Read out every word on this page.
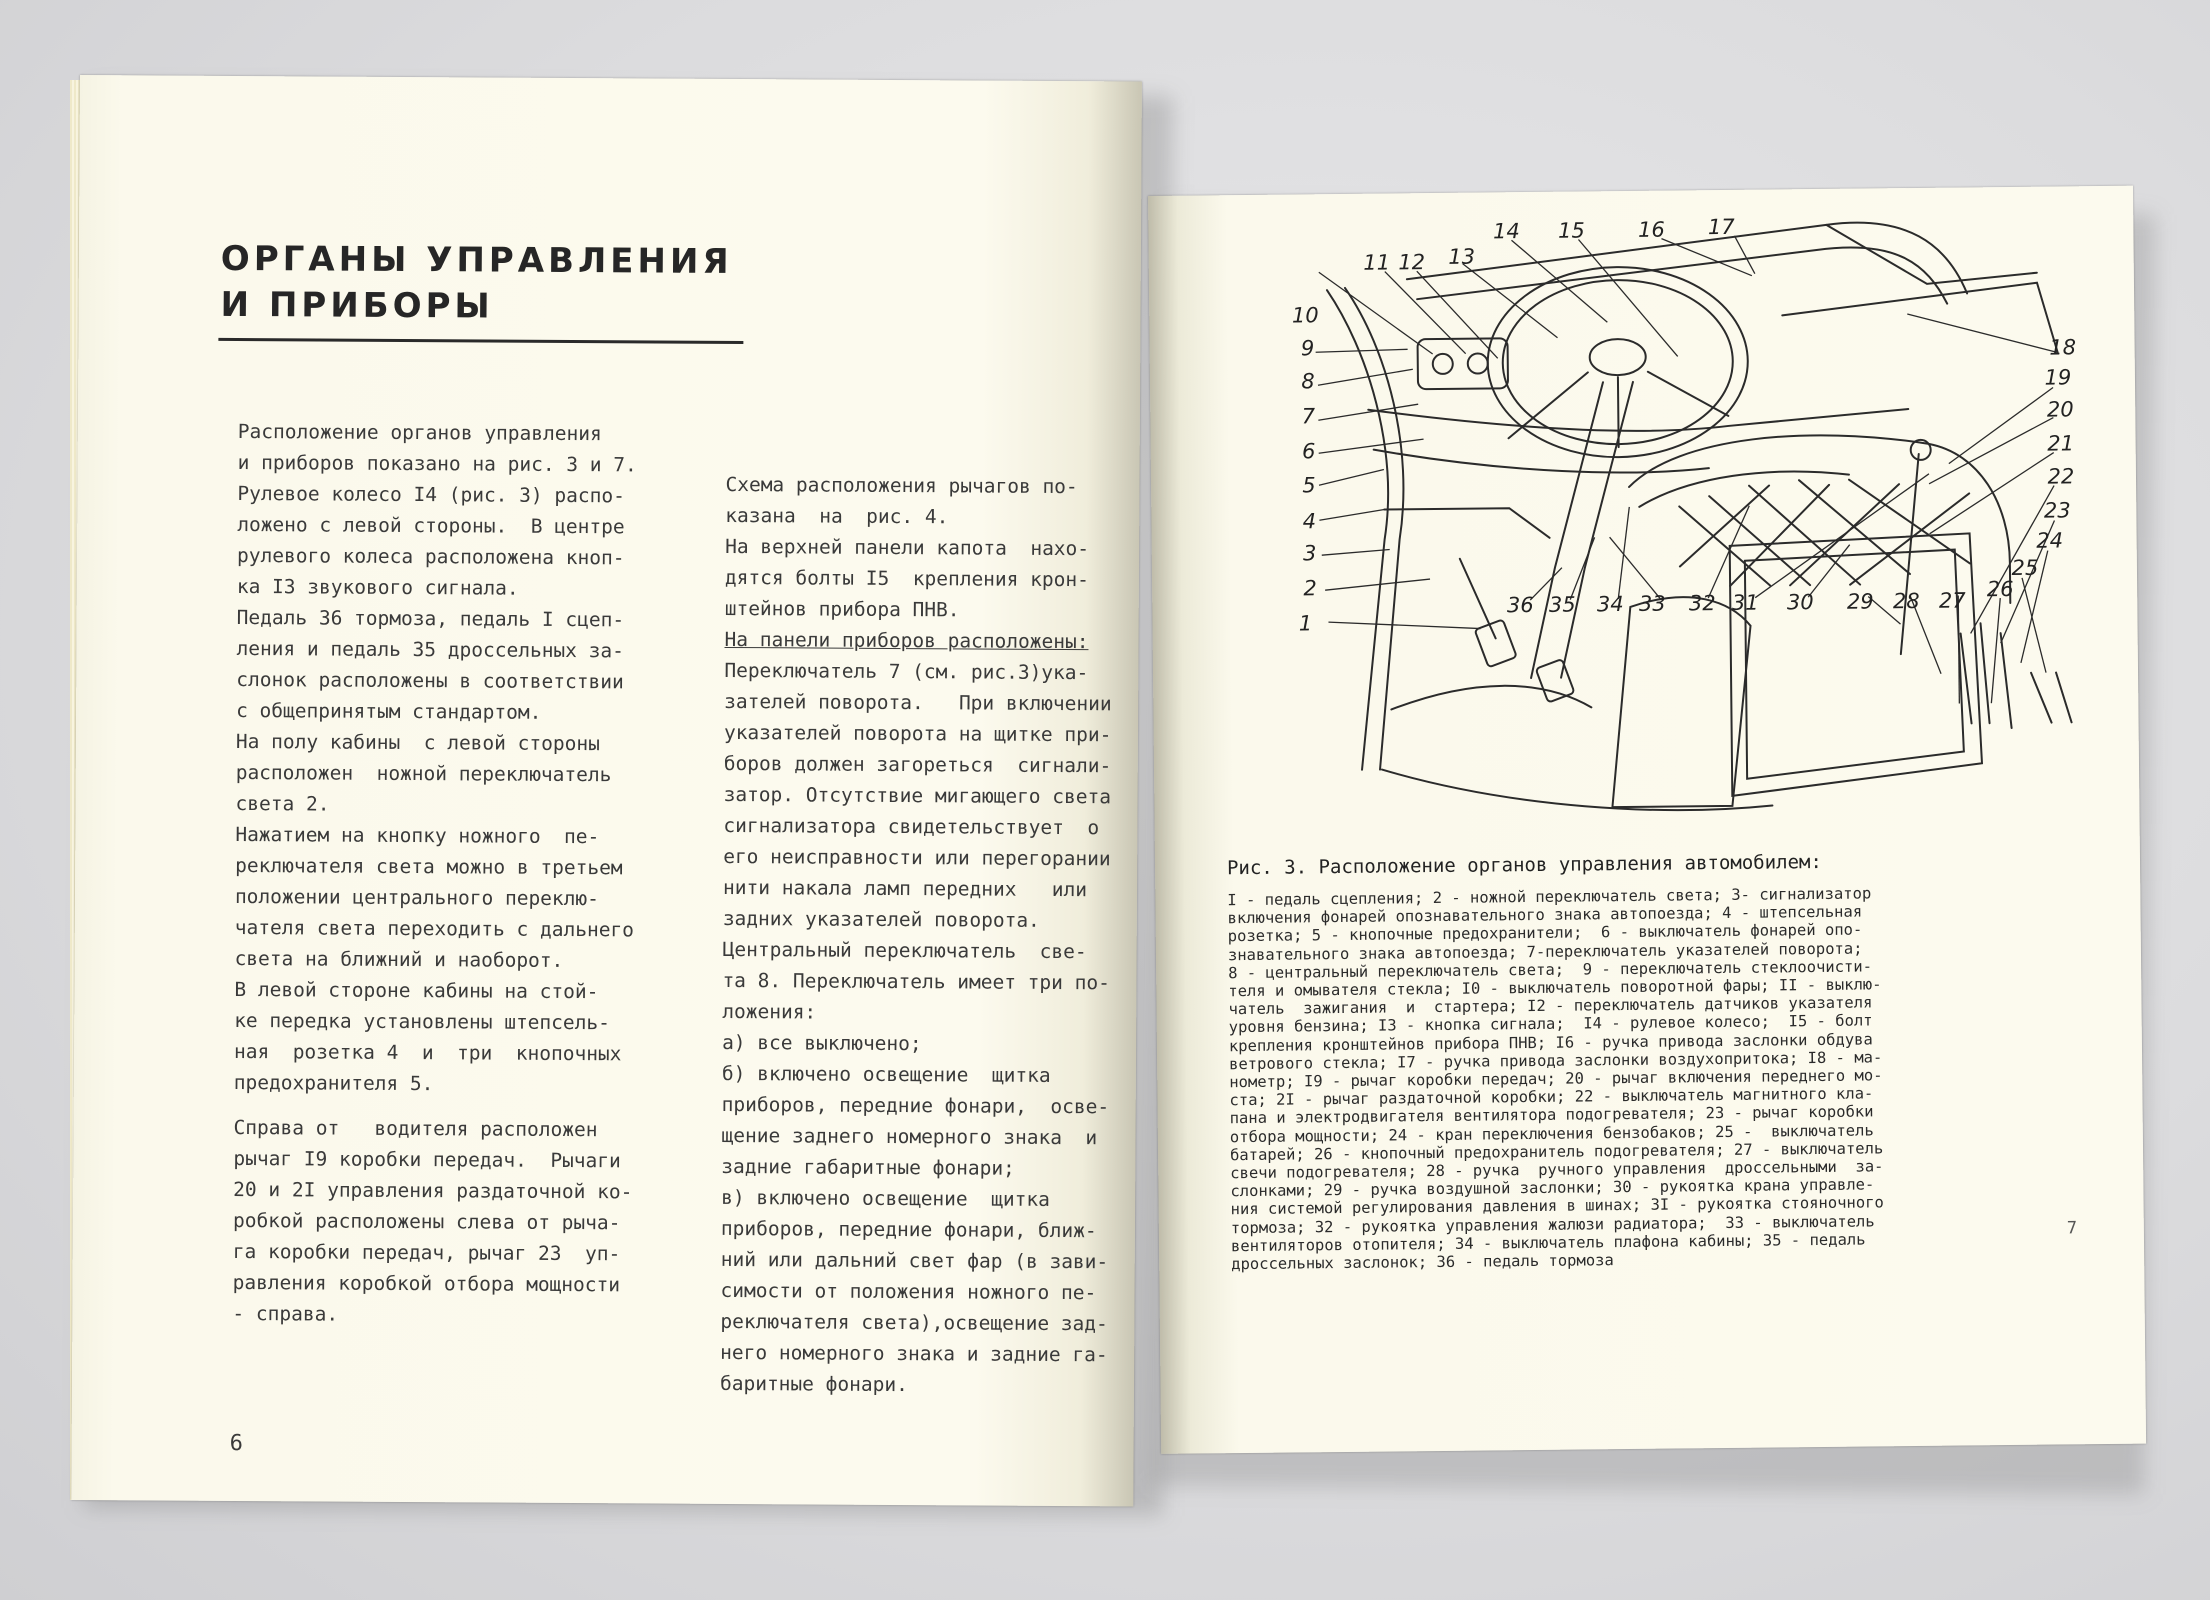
ОРГАНЫ УПРАВЛЕНИЯ
И ПРИБОРЫ
Расположение органов управления
и приборов показано на рис. 3 и 7.
Рулевое колесо I4 (рис. 3) распо-
ложено с левой стороны.  В центре
рулевого колеса расположена кноп-
ка I3 звукового сигнала.
Педаль 36 тормоза, педаль I сцеп-
ления и педаль 35 дроссельных за-
слонок расположены в соответствии
с общепринятым стандартом.
На полу кабины  с левой стороны
расположен  ножной переключатель
света 2.
Нажатием на кнопку ножного  пе-
реключателя света можно в третьем
положении центрального переклю-
чателя света переходить с дальнего
света на ближний и наоборот.
В левой стороне кабины на стой-
ке передка установлены штепсель-
ная  розетка 4  и  три  кнопочных
предохранителя 5.
Справа от   водителя расположен
рычаг I9 коробки передач.  Рычаги
20 и 2I управления раздаточной ко-
робкой расположены слева от рыча-
га коробки передач, рычаг 23  уп-
равления коробкой отбора мощности
- справа.
Схема расположения рычагов по-
казана  на  рис. 4.
На верхней панели капота  нахо-
дятся болты I5  крепления крон-
штейнов прибора ПНВ.
На панели приборов расположены:
Переключатель 7 (см. рис.3)ука-
зателей поворота.   При включении
указателей поворота на щитке при-
боров должен загореться  сигнали-
затор. Отсутствие мигающего света
сигнализатора свидетельствует  о
его неисправности или перегорании
нити накала ламп передних   или
задних указателей поворота.
Центральный переключатель  све-
та 8. Переключатель имеет три по-
ложения:
а) все выключено;
б) включено освещение  щитка
приборов, передние фонари,  осве-
щение заднего номерного знака  и
задние габаритные фонари;
в) включено освещение  щитка
приборов, передние фонари, ближ-
ний или дальний свет фар (в зави-
симости от положения ножного пе-
реключателя света),освещение зад-
него номерного знака и задние га-
баритные фонари.
6
1
2
3
4
5
6
7
8
9
10
11 12 13
14 15	16 17
18
19
20
21
22
23
24
25
26
27
28
29
30
31
32
33
34
35
36
Рис. 3. Расположение органов управления автомобилем:
I - педаль сцепления; 2 - ножной переключатель света; 3- сигнализатор
включения фонарей опознавательного знака автопоезда; 4 - штепсельная
розетка; 5 - кнопочные предохранители;  6 - выключатель фонарей опо-
знавательного знака автопоезда; 7-переключатель указателей поворота;
8 - центральный переключатель света;  9 - переключатель стеклоочисти-
теля и омывателя стекла; I0 - выключатель поворотной фары; II - выклю-
чатель  зажигания  и  стартера; I2 - переключатель датчиков указателя
уровня бензина; I3 - кнопка сигнала;  I4 - рулевое колесо;  I5 - болт
крепления кронштейнов прибора ПНВ; I6 - ручка привода заслонки обдува
ветрового стекла; I7 - ручка привода заслонки воздухопритока; I8 - ма-
нометр; I9 - рычаг коробки передач; 20 - рычаг включения переднего мо-
ста; 2I - рычаг раздаточной коробки; 22 - выключатель магнитного кла-
пана и электродвигателя вентилятора подогревателя; 23 - рычаг коробки
отбора мощности; 24 - кран переключения бензобаков; 25 -  выключатель
батарей; 26 - кнопочный предохранитель подогревателя; 27 - выключатель
свечи подогревателя; 28 - ручка  ручного управления  дроссельными  за-
слонками; 29 - ручка воздушной заслонки; 30 - рукоятка крана управле-
ния системой регулирования давления в шинах; 3I - рукоятка стояночного
тормоза; 32 - рукоятка управления жалюзи радиатора;  33 - выключатель
вентиляторов отопителя; 34 - выключатель плафона кабины; 35 - педаль
дроссельных заслонок; 36 - педаль тормоза
7
